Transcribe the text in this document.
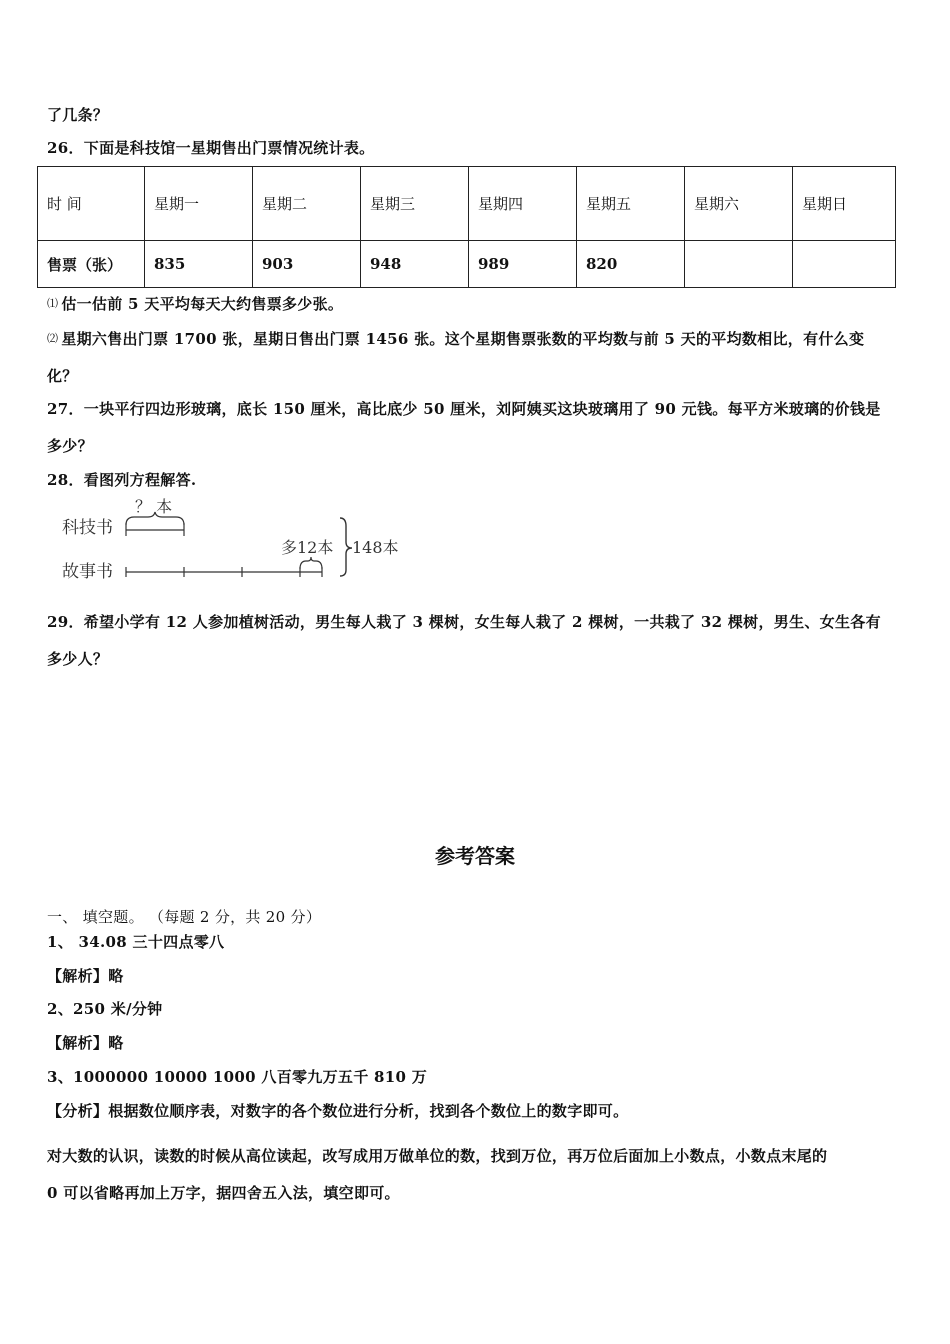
了几条？
26．下面是科技馆一星期售出门票情况统计表。
时 间	星期一	星期二	星期三	星期四	星期五	星期六	星期日
售票（张）	835	903	948	989	820		
⑴ 估一估前 5 天平均每天大约售票多少张。
⑵ 星期六售出门票 1700 张，星期日售出门票 1456 张。这个星期售票张数的平均数与前 5 天的平均数相比，有什么变
化？
27．一块平行四边形玻璃，底长 150 厘米，高比底少 50 厘米，刘阿姨买这块玻璃用了 90 元钱。每平方米玻璃的价钱是
多少？
28．看图列方程解答.
科技书
故事书
？ 本
多12本 148本
29．希望小学有 12 人参加植树活动，男生每人栽了 3 棵树，女生每人栽了 2 棵树，一共栽了 32 棵树，男生、女生各有
多少人？
参考答案
一、 填空题。 （每题 2 分，共 20 分）
1、 34.08 三十四点零八
【解析】略
2、250 米/分钟
【解析】略
3、1000000 10000 1000 八百零九万五千 810 万
【分析】根据数位顺序表，对数字的各个数位进行分析，找到各个数位上的数字即可。
对大数的认识，读数的时候从高位读起，改写成用万做单位的数，找到万位，再万位后面加上小数点，小数点末尾的
0 可以省略再加上万字，据四舍五入法，填空即可。
